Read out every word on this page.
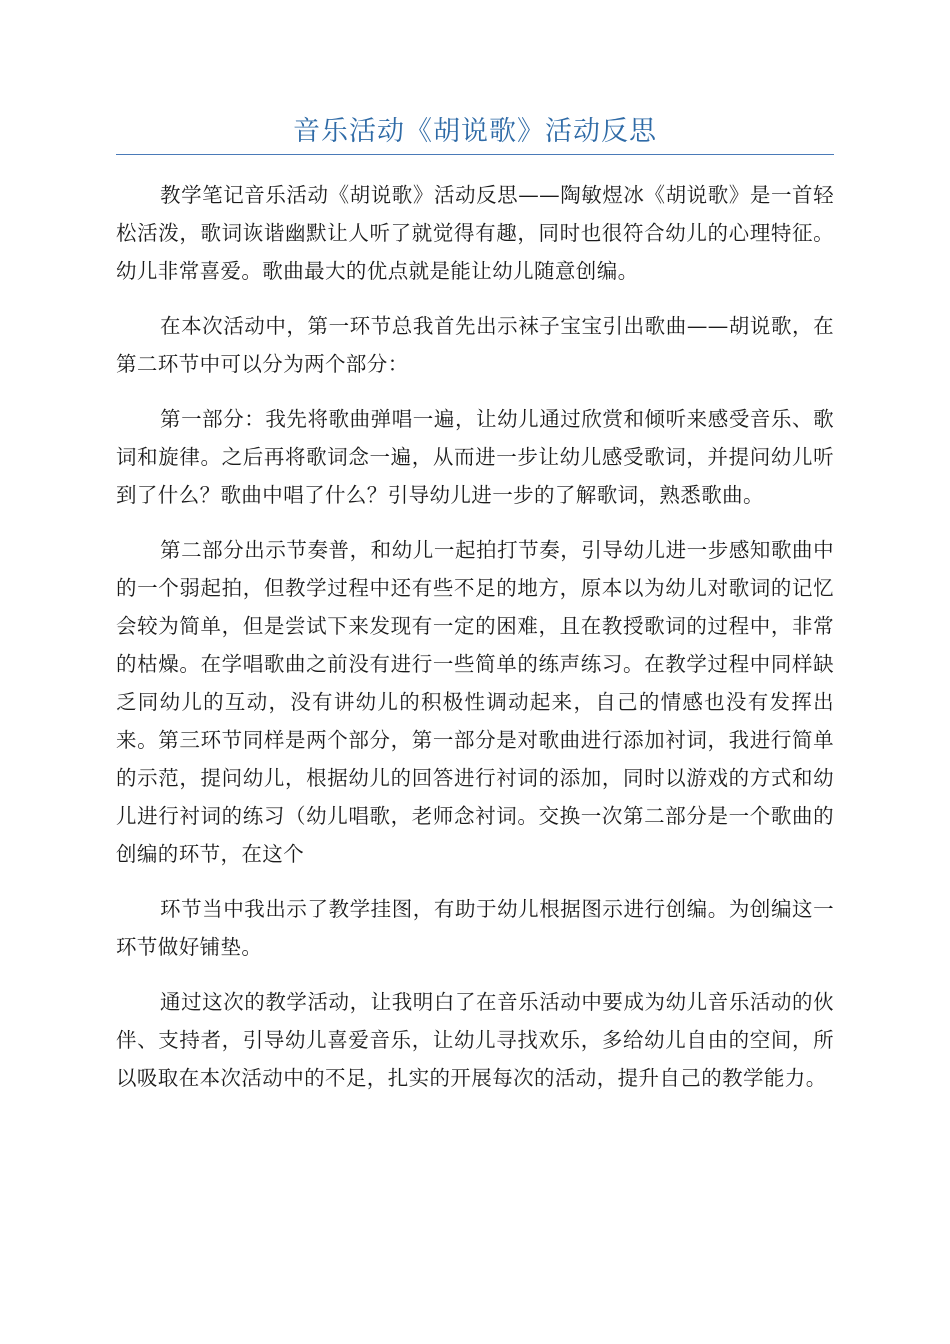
音乐活动《胡说歌》活动反思

教学笔记音乐活动《胡说歌》活动反思——陶敏煜冰《胡说歌》是一首轻松活泼，歌词诙谐幽默让人听了就觉得有趣，同时也很符合幼儿的心理特征。幼儿非常喜爱。歌曲最大的优点就是能让幼儿随意创编。

在本次活动中，第一环节总我首先出示袜子宝宝引出歌曲——胡说歌，在第二环节中可以分为两个部分：

第一部分：我先将歌曲弹唱一遍，让幼儿通过欣赏和倾听来感受音乐、歌词和旋律。之后再将歌词念一遍，从而进一步让幼儿感受歌词，并提问幼儿听到了什么？歌曲中唱了什么？引导幼儿进一步的了解歌词，熟悉歌曲。

第二部分出示节奏普，和幼儿一起拍打节奏，引导幼儿进一步感知歌曲中的一个弱起拍，但教学过程中还有些不足的地方，原本以为幼儿对歌词的记忆会较为简单，但是尝试下来发现有一定的困难，且在教授歌词的过程中，非常的枯燥。在学唱歌曲之前没有进行一些简单的练声练习。在教学过程中同样缺乏同幼儿的互动，没有讲幼儿的积极性调动起来，自己的情感也没有发挥出来。第三环节同样是两个部分，第一部分是对歌曲进行添加衬词，我进行简单的示范，提问幼儿，根据幼儿的回答进行衬词的添加，同时以游戏的方式和幼儿进行衬词的练习（幼儿唱歌，老师念衬词。交换一次第二部分是一个歌曲的创编的环节，在这个

环节当中我出示了教学挂图，有助于幼儿根据图示进行创编。为创编这一环节做好铺垫。

通过这次的教学活动，让我明白了在音乐活动中要成为幼儿音乐活动的伙伴、支持者，引导幼儿喜爱音乐，让幼儿寻找欢乐，多给幼儿自由的空间，所以吸取在本次活动中的不足，扎实的开展每次的活动，提升自己的教学能力。
